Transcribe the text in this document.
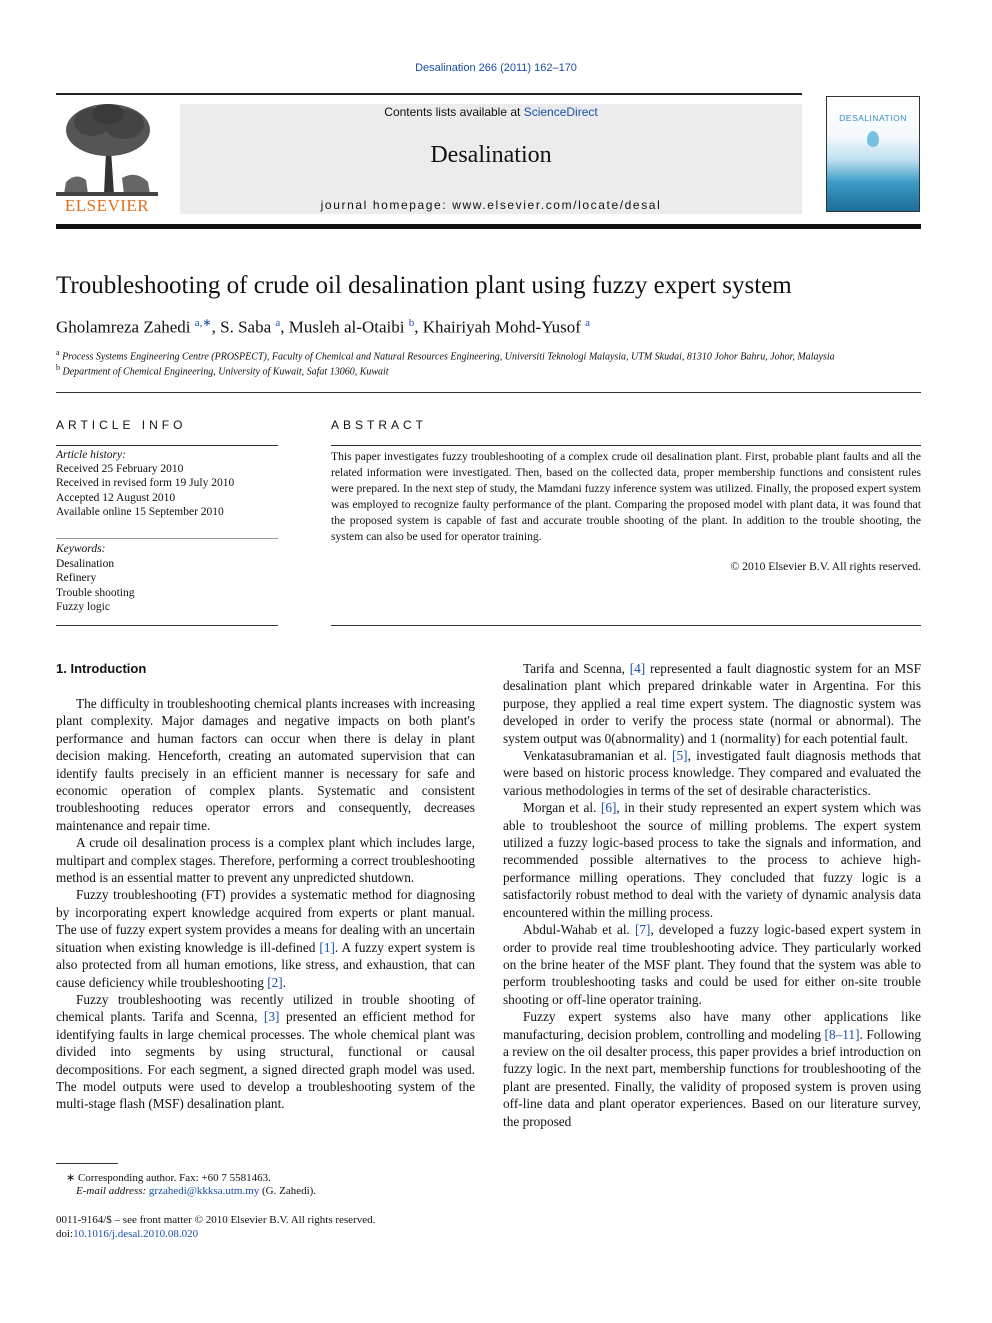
Desalination 266 (2011) 162–170
ELSEVIER
Contents lists available at ScienceDirect
Desalination
journal homepage: www.elsevier.com/locate/desal
DESALINATION
Troubleshooting of crude oil desalination plant using fuzzy expert system
Gholamreza Zahedi $^{a,∗}$, S. Saba $^a$, Musleh al-Otaibi $^b$, Khairiyah Mohd-Yusof $^a$
$^a$ Process Systems Engineering Centre (PROSPECT), Faculty of Chemical and Natural Resources Engineering, Universiti Teknologi Malaysia, UTM Skudai, 81310 Johor Bahru, Johor, Malaysia
$^b$ Department of Chemical Engineering, University of Kuwait, Safat 13060, Kuwait
ARTICLE INFO	ABSTRACT
Article history:
Received 25 February 2010
Received in revised form 19 July 2010
Accepted 12 August 2010
Available online 15 September 2010
Keywords:
Desalination
Refinery
Trouble shooting
Fuzzy logic
This paper investigates fuzzy troubleshooting of a complex crude oil desalination plant. First, probable plant faults and all the related information were investigated. Then, based on the collected data, proper membership functions and consistent rules were prepared. In the next step of study, the Mamdani fuzzy inference system was utilized. Finally, the proposed expert system was employed to recognize faulty performance of the plant. Comparing the proposed model with plant data, it was found that the proposed system is capable of fast and accurate trouble shooting of the plant. In addition to the trouble shooting, the system can also be used for operator training.
© 2010 Elsevier B.V. All rights reserved.
1. Introduction

The difficulty in troubleshooting chemical plants increases with increasing plant complexity. Major damages and negative impacts on both plant's performance and human factors can occur when there is delay in plant decision making. Henceforth, creating an automated supervision that can identify faults precisely in an efficient manner is necessary for safe and economic operation of complex plants. Systematic and consistent troubleshooting reduces operator errors and consequently, decreases maintenance and repair time.

A crude oil desalination process is a complex plant which includes large, multipart and complex stages. Therefore, performing a correct troubleshooting method is an essential matter to prevent any unpredicted shutdown.

Fuzzy troubleshooting (FT) provides a systematic method for diagnosing by incorporating expert knowledge acquired from experts or plant manual. The use of fuzzy expert system provides a means for dealing with an uncertain situation when existing knowledge is ill-defined [1]. A fuzzy expert system is also protected from all human emotions, like stress, and exhaustion, that can cause deficiency while troubleshooting [2].

Fuzzy troubleshooting was recently utilized in trouble shooting of chemical plants. Tarifa and Scenna, [3] presented an efficient method for identifying faults in large chemical processes. The whole chemical plant was divided into segments by using structural, functional or causal decompositions. For each segment, a signed directed graph model was used. The model outputs were used to develop a troubleshooting system of the multi-stage flash (MSF) desalination plant.

Tarifa and Scenna, [4] represented a fault diagnostic system for an MSF desalination plant which prepared drinkable water in Argentina. For this purpose, they applied a real time expert system. The diagnostic system was developed in order to verify the process state (normal or abnormal). The system output was 0(abnormality) and 1 (normality) for each potential fault.

Venkatasubramanian et al. [5], investigated fault diagnosis methods that were based on historic process knowledge. They compared and evaluated the various methodologies in terms of the set of desirable characteristics.

Morgan et al. [6], in their study represented an expert system which was able to troubleshoot the source of milling problems. The expert system utilized a fuzzy logic-based process to take the signals and information, and recommended possible alternatives to the process to achieve high-performance milling operations. They concluded that fuzzy logic is a satisfactorily robust method to deal with the variety of dynamic analysis data encountered within the milling process.

Abdul-Wahab et al. [7], developed a fuzzy logic-based expert system in order to provide real time troubleshooting advice. They particularly worked on the brine heater of the MSF plant. They found that the system was able to perform troubleshooting tasks and could be used for either on-site trouble shooting or off-line operator training.

Fuzzy expert systems also have many other applications like manufacturing, decision problem, controlling and modeling [8–11]. Following a review on the oil desalter process, this paper provides a brief introduction on fuzzy logic. In the next part, membership functions for troubleshooting of the plant are presented. Finally, the validity of proposed system is proven using off-line data and plant operator experiences. Based on our literature survey, the proposed

∗ Corresponding author. Fax: +60 7 5581463.
E-mail address: grzahedi@kkksa.utm.my (G. Zahedi).
0011-9164/$ – see front matter © 2010 Elsevier B.V. All rights reserved.
doi:10.1016/j.desal.2010.08.020
